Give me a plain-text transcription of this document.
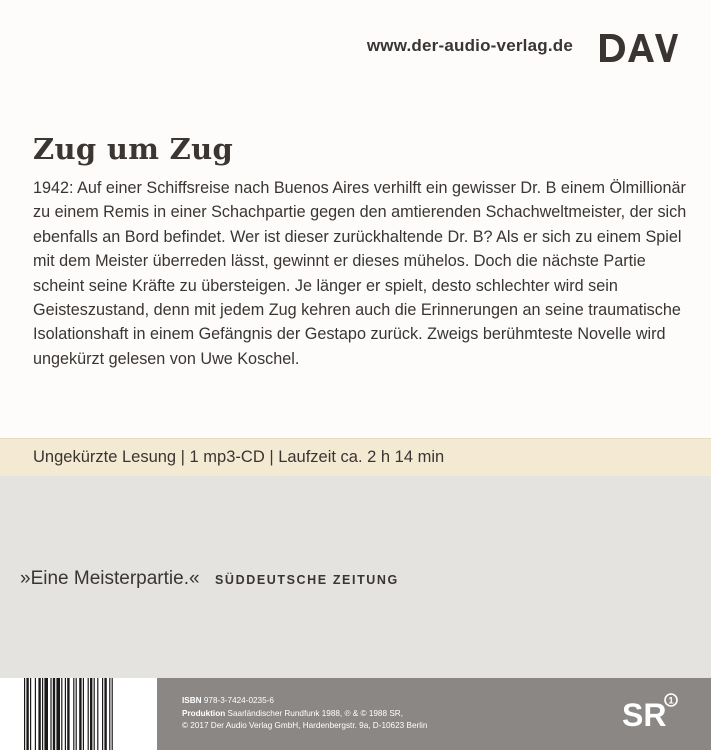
www.der-audio-verlag.de
Zug um Zug

1942: Auf einer Schiffsreise nach Buenos Aires verhilft ein gewisser Dr. B einem Ölmillionär zu einem Remis in einer Schachpartie gegen den amtierenden Schachweltmeister, der sich ebenfalls an Bord befindet. Wer ist dieser zurückhaltende Dr. B? Als er sich zu einem Spiel mit dem Meister überreden lässt, gewinnt er dieses mühelos. Doch die nächste Partie scheint seine Kräfte zu übersteigen. Je länger er spielt, desto schlechter wird sein Geisteszustand, denn mit jedem Zug kehren auch die Erinnerungen an seine traumatische Isolationshaft in einem Gefängnis der Gestapo zurück. Zweigs berühmteste Novelle wird ungekürzt gelesen von Uwe Koschel.

Ungekürzte Lesung | 1 mp3-CD | Laufzeit ca. 2 h 14 min
»Eine Meisterpartie.« SÜDDEUTSCHE ZEITUNG
ISBN 978-3-7424-0235-6
Produktion Saarländischer Rundfunk 1988, ℗ & © 1988 SR,
© 2017 Der Audio Verlag GmbH, Hardenbergstr. 9a, D-10623 Berlin	SR 1
